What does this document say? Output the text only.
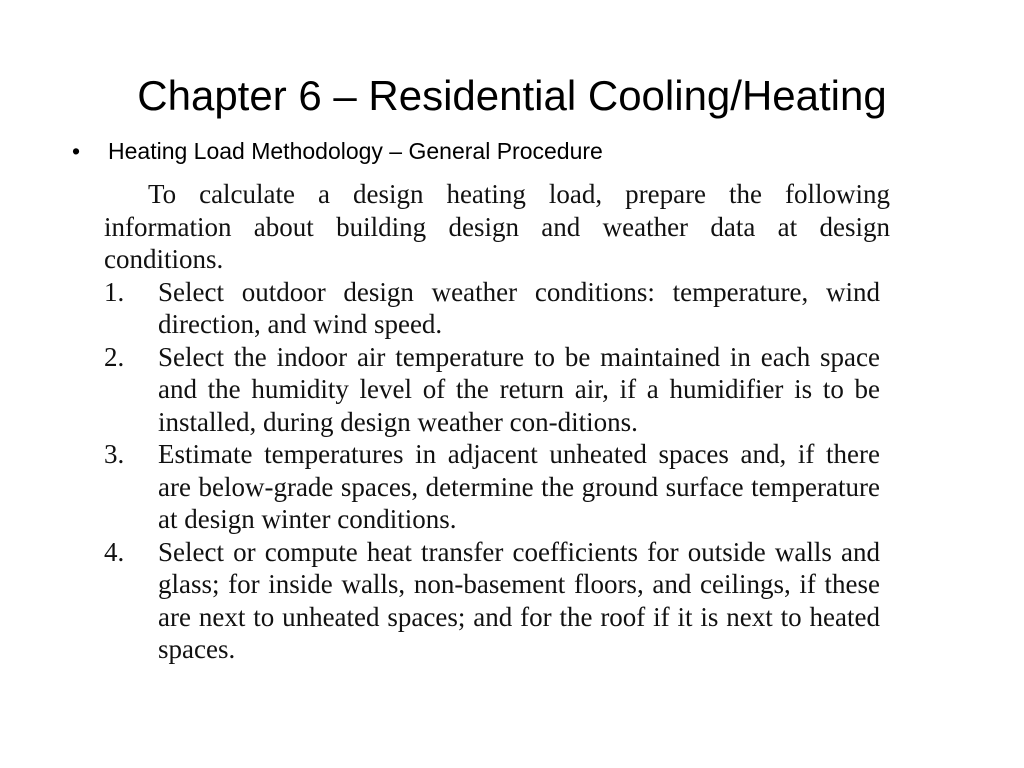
Chapter 6 – Residential Cooling/Heating
•	Heating Load Methodology – General Procedure

To calculate a design heating load, prepare the following information about building design and weather data at design conditions.

1.	Select outdoor design weather conditions: temperature, wind direction, and wind speed.
2.	Select the indoor air temperature to be maintained in each space and the humidity level of the return air, if a humidifier is to be installed, during design weather con-ditions.
3.	Estimate temperatures in adjacent unheated spaces and, if there are below-grade spaces, determine the ground surface temperature at design winter conditions.
4.	Select or compute heat transfer coefficients for outside walls and glass; for inside walls, non-basement floors, and ceilings, if these are next to unheated spaces; and for the roof if it is next to heated spaces.
